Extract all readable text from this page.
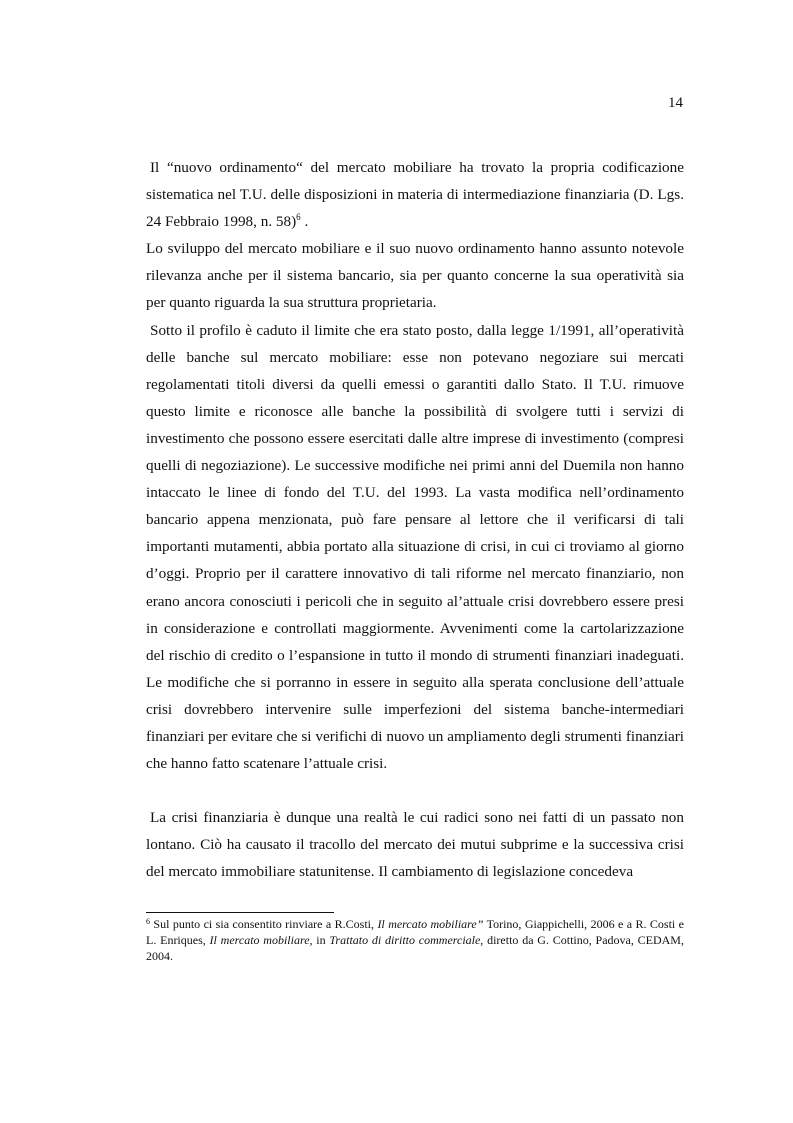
14

Il “nuovo ordinamento“ del mercato mobiliare ha trovato la propria codificazione sistematica nel T.U. delle disposizioni in materia di intermediazione finanziaria (D. Lgs. 24 Febbraio 1998, n. 58)$^6$ .

Lo sviluppo del mercato mobiliare e il suo nuovo ordinamento hanno assunto notevole rilevanza anche per il sistema bancario, sia per quanto concerne la sua operatività sia per quanto riguarda la sua struttura proprietaria.

Sotto il profilo è caduto il limite che era stato posto, dalla legge 1/1991, all’operatività delle banche sul mercato mobiliare: esse non potevano negoziare sui mercati regolamentati titoli diversi da quelli emessi o garantiti dallo Stato. Il T.U. rimuove questo limite e riconosce alle banche la possibilità di svolgere tutti i servizi di investimento che possono essere esercitati dalle altre imprese di investimento (compresi quelli di negoziazione). Le successive modifiche nei primi anni del Duemila non hanno intaccato le linee di fondo del T.U. del 1993. La vasta modifica nell’ordinamento bancario appena menzionata, può fare pensare al lettore che il verificarsi di tali importanti mutamenti, abbia portato alla situazione di crisi, in cui ci troviamo al giorno d’oggi. Proprio per il carattere innovativo di tali riforme nel mercato finanziario, non erano ancora conosciuti i pericoli che in seguito al’attuale crisi dovrebbero essere presi in considerazione e controllati maggiormente. Avvenimenti come la cartolarizzazione del rischio di credito o l’espansione in tutto il mondo di strumenti finanziari inadeguati. Le modifiche che si porranno in essere in seguito alla sperata conclusione dell’attuale crisi dovrebbero intervenire sulle imperfezioni del sistema banche-intermediari finanziari per evitare che si verifichi di nuovo un ampliamento degli strumenti finanziari che hanno fatto scatenare l’attuale crisi.

La crisi finanziaria è dunque una realtà le cui radici sono nei fatti di un passato non lontano. Ciò ha causato il tracollo del mercato dei mutui subprime e la successiva crisi del mercato immobiliare statunitense. Il cambiamento di legislazione concedeva

$^6$ Sul punto ci sia consentito rinviare a R.Costi, Il mercato mobiliare” Torino, Giappichelli, 2006 e a R. Costi e L. Enriques, Il mercato mobiliare, in Trattato di diritto commerciale, diretto da G. Cottino, Padova, CEDAM, 2004.
